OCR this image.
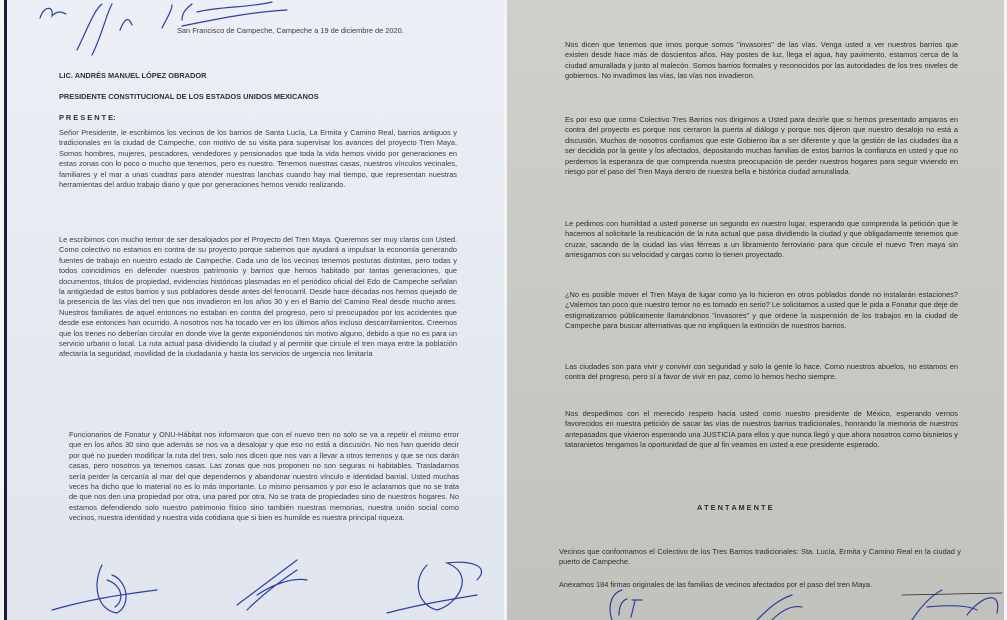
San Francisco de Campeche, Campeche a 19 de diciembre de 2020.
LIC. ANDRÉS MANUEL LÓPEZ OBRADOR
PRESIDENTE CONSTITUCIONAL DE LOS ESTADOS UNIDOS MEXICANOS
P R E S E N T E:
Señor Presidente, le escribimos los vecinos de los barrios de Santa Lucía, La Ermita y Camino Real, barrios antiguos y tradicionales en la ciudad de Campeche, con motivo de su visita para supervisar los avances del proyecto Tren Maya. Somos hombres, mujeres, pescadores, vendedores y pensionados que toda la vida hemos vivido por generaciones en estas zonas con lo poco o mucho que tenemos, pero es nuestro. Tenemos nuestras casas, nuestros vínculos vecinales, familiares y el mar a unas cuadras para atender nuestras lanchas cuando hay mal tiempo, que representan nuestras herramientas del arduo trabajo diario y que por generaciones hemos venido realizando.
Le escribimos con mucho temor de ser desalojados por el Proyecto del Tren Maya. Queremos ser muy claros con Usted. Como colectivo no estamos en contra de su proyecto porque sabemos que ayudará a impulsar la economía generando fuentes de trabajo en nuestro estado de Campeche. Cada uno de los vecinos tenemos posturas distintas, pero todas y todos coincidimos en defender nuestros patrimonio y barrios que hemos habitado por tantas generaciones, que documentos, títulos de propiedad, evidencias históricas plasmadas en el periódico oficial del Edo de Campeche señalan la antigüedad de estos barrios y sus pobladores desde antes del ferrocarril. Desde hace décadas nos hemos quejado de la presencia de las vías del tren que nos invadieron en los años 30 y en el Barrio del Camino Real desde mucho antes. Nuestros familiares de aquel entonces no estaban en contra del progreso, pero sí preocupados por los accidentes que desde ese entonces han ocurrido. A nosotros nos ha tocado ver en los últimos años incluso descarrilamientos. Creemos que los trenes no deberían circular en donde vive la gente exponiéndonos sin motivo alguno, debido a que no es para un servicio urbano o local. La ruta actual pasa dividiendo la ciudad y al permitir que circule el tren maya entre la población afectaría la seguridad, movilidad de la ciudadanía y hasta los servicios de urgencia nos limitaría
Funcionarios de Fonatur y ONU-Hábitat nos informaron que con el nuevo tren no solo se va a repetir el mismo error que en los años 30 sino que además se nos va a desalojar y que eso no está a discusión. No nos han querido decir por qué no pueden modificar la ruta del tren, solo nos dicen que nos van a llevar a otros terrenos y que se nos darán casas, pero nosotros ya tenemos casas. Las zonas que nos proponen no son seguras ni habitables. Trasladarnos sería perder la cercanía al mar del que dependemos y abandonar nuestro vínculo e identidad barrial. Usted muchas veces ha dicho que lo material no es lo más importante. Lo mismo pensamos y por eso le aclaramos que no se trata de que nos den una propiedad por otra, una pared por otra. No se trata de propiedades sino de nuestros hogares. No estamos defendiendo solo nuestro patrimonio físico sino también nuestras memorias, nuestra unión social como vecinos, nuestra identidad y nuestra vida cotidiana que si bien es humilde es nuestra principal riqueza.
Nos dicen que tenemos que irnos porque somos "invasores" de las vías. Venga usted a ver nuestros barrios que existen desde hace más de doscientos años. Hay postes de luz, llega el agua, hay pavimento, estamos cerca de la ciudad amurallada y junto al malecón. Somos barrios formales y reconocidos por las autoridades de los tres niveles de gobiernos. No invadimos las vías, las vías nos invadieron.
Es por eso que como Colectivo Tres Barrios nos dirigimos a Usted para decirle que si hemos presentado amparos en contra del proyecto es porque nos cerraron la puerta al diálogo y porque nos dijeron que nuestro desalojo no está a discusión. Muchos de nosotros confiamos que este Gobierno iba a ser diferente y que la gestión de las ciudades iba a ser decidida por la gente y los afectados, depositando muchas familias de estos barrios la confianza en usted y que no perdemos la esperanza de que comprenda nuestra preocupación de perder nuestros hogares para seguir viviendo en riesgo por el paso del Tren Maya dentro de nuestra bella e histórica ciudad amurallada.
Le pedimos con humildad a usted ponerse un segundo en nuestro lugar, esperando que comprenda la petición que le hacemos al solicitarle la reubicación de la ruta actual que pasa dividiendo la ciudad y que obligadamente tenemos que cruzar, sacando de la ciudad las vías férreas a un libramiento ferroviario para que circule el nuevo Tren maya sin arriesgarnos con su velocidad y cargas como lo tienen proyectado.
¿No es posible mover el Tren Maya de lugar como ya lo hicieron en otros poblados donde no instalarán estaciones? ¿Valemos tan poco que nuestro temor no es tomado en serio? Le solicitamos a usted que le pida a Fonatur que deje de estigmatizarnos públicamente llamándonos "invasores" y que ordene la suspensión de los trabajos en la ciudad de Campeche para buscar alternativas que no impliquen la extinción de nuestros barrios.
Las ciudades son para vivir y convivir con seguridad y solo la gente lo hace. Como nuestros abuelos, no estamos en contra del progreso, pero sí a favor de vivir en paz, como lo hemos hecho siempre.
Nos despedimos con el merecido respeto hacia usted como nuestro presidente de México, esperando vernos favorecidos en nuestra petición de sacar las vías de nuestros barrios tradicionales, honrando la memoria de nuestros antepasados que vivieron esperando una JUSTICIA para ellos y que nunca llegó y que ahora nosotros como bisnietos y tataranietos tengamos la oportunidad de que al fin veamos en usted a ese presidente esperado.
A T E N T A M E N T E
Vecinos que conformamos el Colectivo de los Tres Barrios tradicionales: Sta. Lucía, Ermita y Camino Real en la ciudad y puerto de Campeche.
Anexamos 184 firmas originales de las familias de vecinos afectados por el paso del tren Maya.
